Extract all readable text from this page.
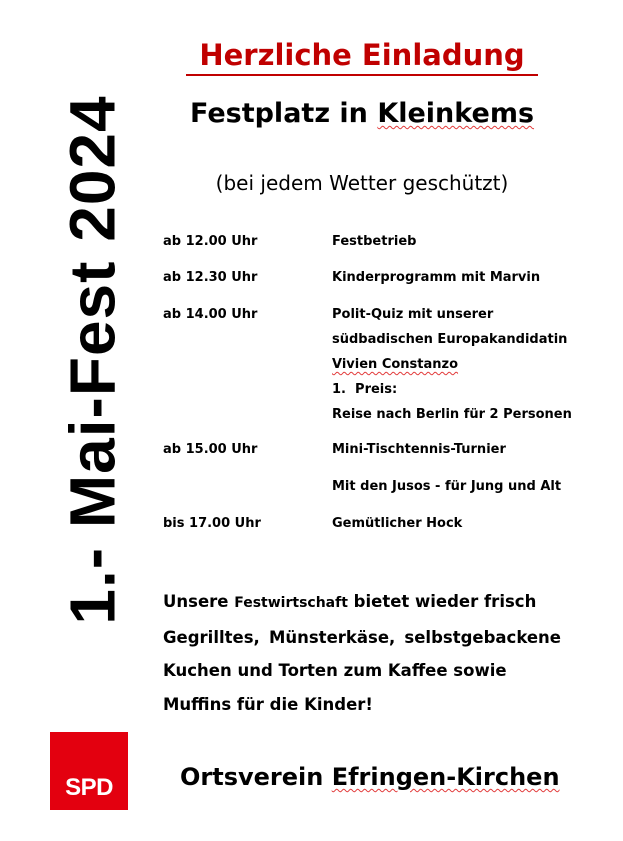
1.- Mai-Fest 2024
Herzliche Einladung
Festplatz in Kleinkems
(bei jedem Wetter geschützt)
ab 12.00 Uhr	Festbetrieb
ab 12.30 Uhr	Kinderprogramm mit Marvin
ab 14.00 Uhr	Polit-Quiz mit unserer
südbadischen Europakandidatin
Vivien Constanzo
1.  Preis:
Reise nach Berlin für 2 Personen
ab 15.00 Uhr	Mini-Tischtennis-Turnier
Mit den Jusos - für Jung und Alt
bis 17.00 Uhr	Gemütlicher Hock

Unsere Festwirtschaft bietet wieder frisch

Gegrilltes, Münsterkäse, selbstgebackene

Kuchen und Torten zum Kaffee sowie

Muffins für die Kinder!

SPD	Ortsverein Efringen-Kirchen
